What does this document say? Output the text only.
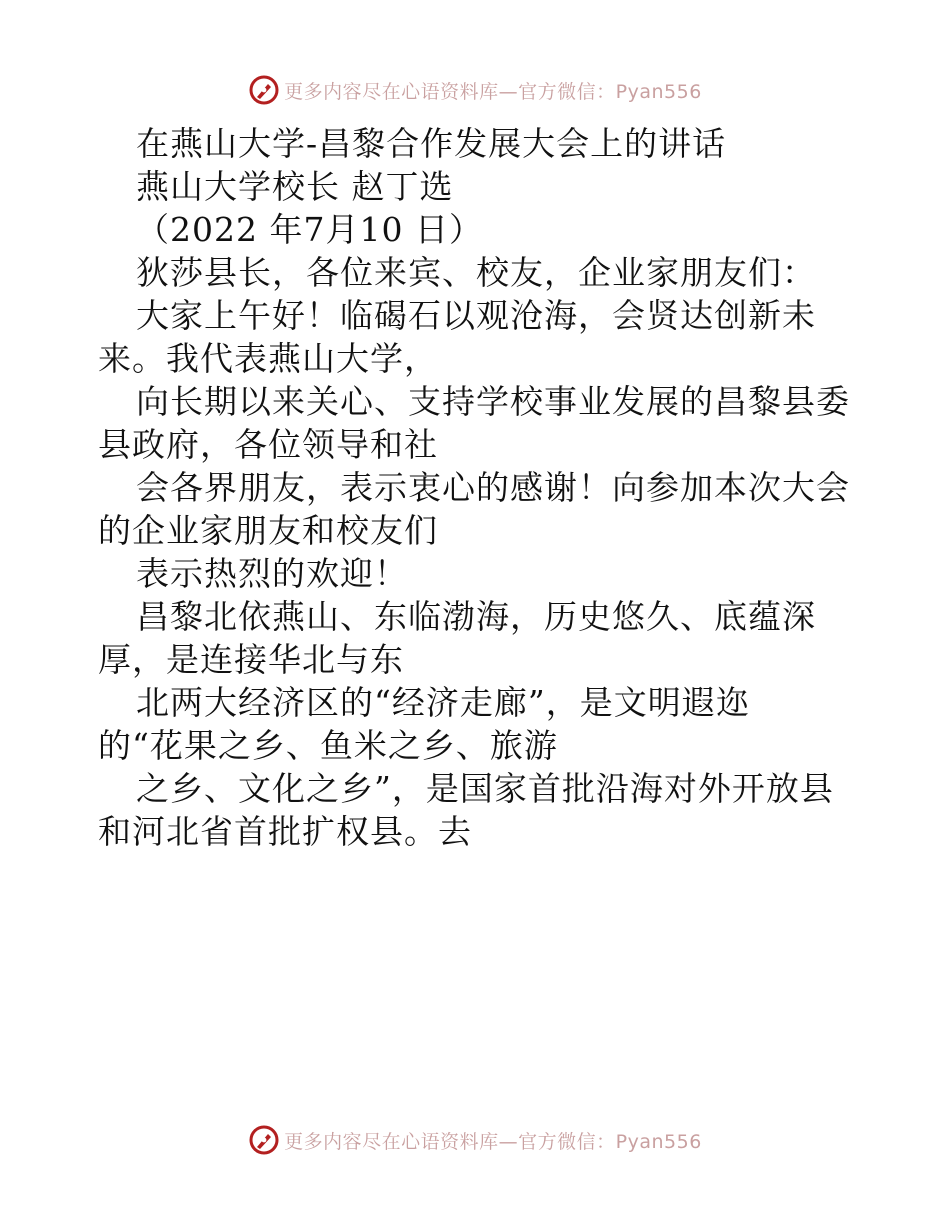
更多内容尽在心语资料库—官方微信：Pyan556
在燕山大学-昌黎合作发展大会上的讲话
燕山大学校长 赵丁选
（2022 年7月10 日）
狄莎县长，各位来宾、校友，企业家朋友们：
大家上午好！临碣石以观沧海，会贤达创新未
来。我代表燕山大学，
向长期以来关心、支持学校事业发展的昌黎县委
县政府，各位领导和社
会各界朋友，表示衷心的感谢！向参加本次大会
的企业家朋友和校友们
表示热烈的欢迎！
昌黎北依燕山、东临渤海，历史悠久、底蕴深
厚，是连接华北与东
北两大经济区的“经济走廊”，是文明遐迩
的“花果之乡、鱼米之乡、旅游
之乡、文化之乡”，是国家首批沿海对外开放县
和河北省首批扩权县。去
更多内容尽在心语资料库—官方微信：Pyan556
